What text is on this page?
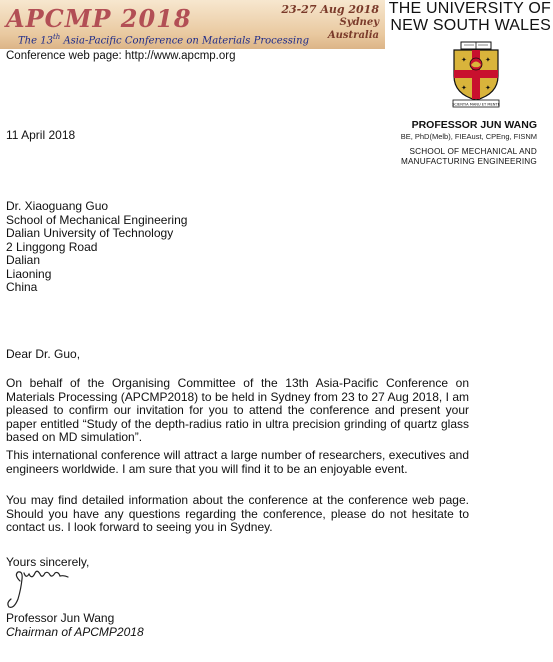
APCMP 2018	23-27 Aug 2018
Sydney
Australia
The 13th Asia-Pacific Conference on Materials Processing
Conference web page: http://www.apcmp.org
THE UNIVERSITY OF
NEW SOUTH WALES
✦	✦
✦	✦
SCIENTIA MANU ET MENTE
PROFESSOR JUN WANG
BE, PhD(Melb), FIEAust, CPEng, FISNM
SCHOOL OF MECHANICAL AND
MANUFACTURING ENGINEERING
11 April 2018
Dr. Xiaoguang Guo
School of Mechanical Engineering
Dalian University of Technology
2 Linggong Road
Dalian
Liaoning
China
Dear Dr. Guo,
On behalf of the Organising Committee of the 13th Asia-Pacific Conference on Materials Processing (APCMP2018) to be held in Sydney from 23 to 27 Aug 2018, I am pleased to confirm our invitation for you to attend the conference and present your paper entitled “Study of the depth-radius ratio in ultra precision grinding of quartz glass based on MD simulation”.
This international conference will attract a large number of researchers, executives and engineers worldwide. I am sure that you will find it to be an enjoyable event.
You may find detailed information about the conference at the conference web page. Should you have any questions regarding the conference, please do not hesitate to contact us. I look forward to seeing you in Sydney.
Yours sincerely,
Professor Jun Wang
Chairman of APCMP2018
